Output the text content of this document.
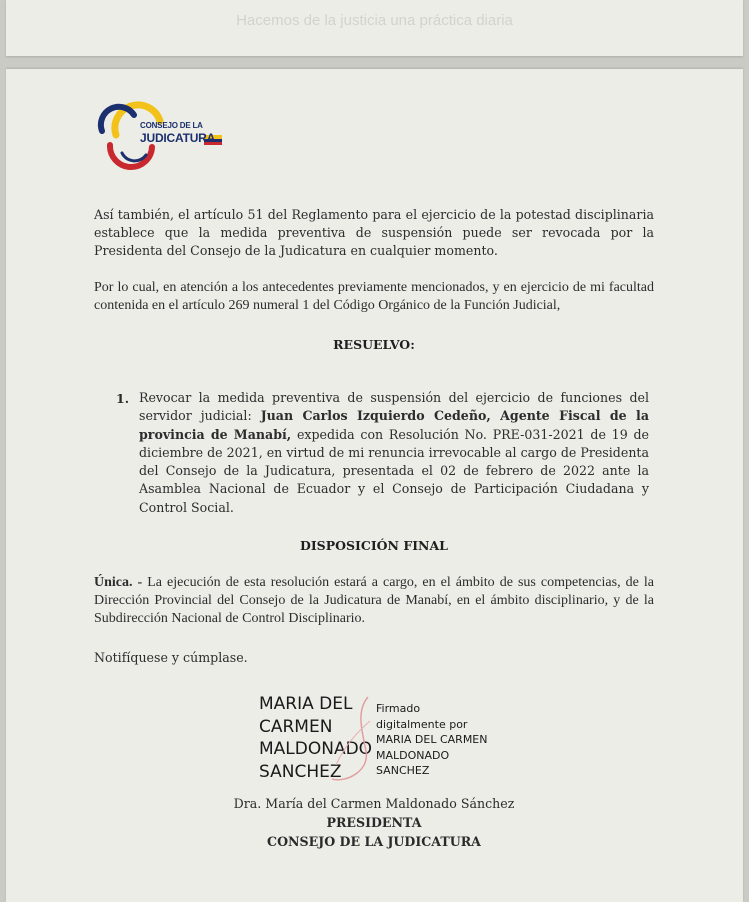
Hacemos de la justicia una práctica diaria
CONSEJO DE LA
JUDICATURA
Así también, el artículo 51 del Reglamento para el ejercicio de la potestad disciplinaria establece que la medida preventiva de suspensión puede ser revocada por la Presidenta del Consejo de la Judicatura en cualquier momento.
Por lo cual, en atención a los antecedentes previamente mencionados, y en ejercicio de mi facultad contenida en el artículo 269 numeral 1 del Código Orgánico de la Función Judicial,
RESUELVO:
1. Revocar la medida preventiva de suspensión del ejercicio de funciones del servidor judicial: Juan Carlos Izquierdo Cedeño, Agente Fiscal de la provincia de Manabí, expedida con Resolución No. PRE-031-2021 de 19 de diciembre de 2021, en virtud de mi renuncia irrevocable al cargo de Presidenta del Consejo de la Judicatura, presentada el 02 de febrero de 2022 ante la Asamblea Nacional de Ecuador y el Consejo de Participación Ciudadana y Control Social.
DISPOSICIÓN FINAL
Única. - La ejecución de esta resolución estará a cargo, en el ámbito de sus competencias, de la Dirección Provincial del Consejo de la Judicatura de Manabí, en el ámbito disciplinario, y de la Subdirección Nacional de Control Disciplinario.
Notifíquese y cúmplase.
MARIA DEL
CARMEN
MALDONADO
SANCHEZ
Firmado
digitalmente por
MARIA DEL CARMEN
MALDONADO
SANCHEZ
Dra. María del Carmen Maldonado Sánchez
PRESIDENTA
CONSEJO DE LA JUDICATURA
